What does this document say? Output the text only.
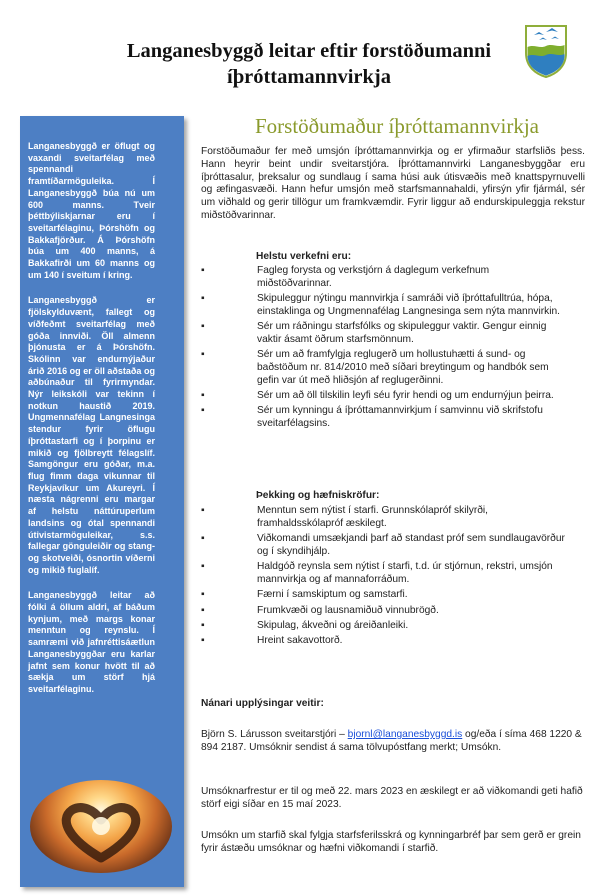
Langanesbyggð leitar eftir forstöðumanni
íþróttamannvirkja

Langanesbyggð er öflugt og vaxandi sveitarfélag með spennandi framtíðarmöguleika. Í Langanesbyggð búa nú um 600 manns. Tveir þéttbýliskjarnar eru í sveitarfélaginu, Þórshöfn og Bakkafjörður. Á Þórshöfn búa um 400 manns, á Bakkafirði um 60 manns og um 140 í sveitum í kring.

Langanesbyggð er fjölskylduvænt, fallegt og víðfeðmt sveitarfélag með góða innviði. Öll almenn þjónusta er á Þórshöfn. Skólinn var endurnýjaður árið 2016 og er öll aðstaða og aðbúnaður til fyrirmyndar. Nýr leikskóli var tekinn í notkun haustið 2019. Ungmennafélag Langnesinga stendur fyrir öflugu íþróttastarfi og í þorpinu er mikið og fjölbreytt félagslíf. Samgöngur eru góðar, m.a. flug fimm daga vikunnar til Reykjavíkur um Akureyri. Í næsta nágrenni eru margar af helstu náttúruperlum landsins og ótal spennandi útivistarmöguleikar, s.s. fallegar gönguleiðir og stang- og skotveiði, ósnortin víðerni og mikið fuglalíf.

Langanesbyggð leitar að fólki á öllum aldri, af báðum kynjum, með margs konar menntun og reynslu. Í samræmi við jafnréttisáætlun Langanesbyggðar eru karlar jafnt sem konur hvött til að sækja um störf hjá sveitarfélaginu.

Forstöðumaður íþróttamannvirkja

Forstöðumaður fer með umsjón íþróttamannvirkja og er yfirmaður starfsliðs þess. Hann heyrir beint undir sveitarstjóra. Íþróttamannvirki Langanesbyggðar eru íþróttasalur, þreksalur og sundlaug í sama húsi auk útisvæðis með knattspyrnuvelli og æfingasvæði. Hann hefur umsjón með starfsmannahaldi, yfirsýn yfir fjármál, sér um viðhald og gerir tillögur um framkvæmdir. Fyrir liggur að endurskipuleggja rekstur miðstöðvarinnar.

Helstu verkefni eru:
▪	Fagleg forysta og verkstjórn á daglegum verkefnum miðstöðvarinnar.
▪	Skipuleggur nýtingu mannvirkja í samráði við íþróttafulltrúa, hópa, einstaklinga og Ungmennafélag Langnesinga sem nýta mannvirkin.
▪	Sér um ráðningu starfsfólks og skipuleggur vaktir. Gengur einnig vaktir ásamt öðrum starfsmönnum.
▪	Sér um að framfylgja reglugerð um hollustuhætti á sund- og baðstöðum nr. 814/2010 með síðari breytingum og handbók sem gefin var út með hliðsjón af reglugerðinni.
▪	Sér um að öll tilskilin leyfi séu fyrir hendi og um endurnýjun þeirra.
▪	Sér um kynningu á íþróttamannvirkjum í samvinnu við skrifstofu sveitarfélagsins.
Þekking og hæfniskröfur:
▪	Menntun sem nýtist í starfi. Grunnskólapróf skilyrði, framhaldsskólapróf æskilegt.
▪	Viðkomandi umsækjandi þarf að standast próf sem sundlaugavörður og í skyndihjálp.
▪	Haldgóð reynsla sem nýtist í starfi, t.d. úr stjórnun, rekstri, umsjón mannvirkja og af mannaforráðum.
▪	Færni í samskiptum og samstarfi.
▪	Frumkvæði og lausnamiðuð vinnubrögð.
▪	Skipulag, ákveðni og áreiðanleiki.
▪	Hreint sakavottorð.
Nánari upplýsingar veitir:

Björn S. Lárusson sveitarstjóri – bjornl@langanesbyggd.is og/eða í síma 468 1220 & 894 2187. Umsóknir sendist á sama tölvupóstfang merkt; Umsókn.

Umsóknarfrestur er til og með 22. mars 2023 en æskilegt er að viðkomandi geti hafið störf eigi síðar en 15 maí 2023.

Umsókn um starfið skal fylgja starfsferilsskrá og kynningarbréf þar sem gerð er grein fyrir ástæðu umsóknar og hæfni viðkomandi í starfið.
